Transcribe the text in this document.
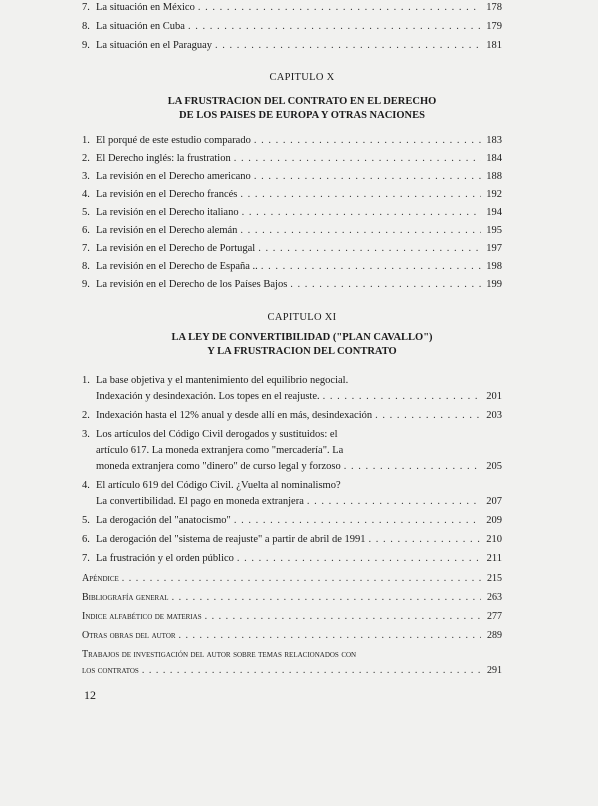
7. La situación en México . . .	178
8. La situación en Cuba . . .	179
9. La situación en el Paraguay . . .	181
CAPITULO X
LA FRUSTRACION DEL CONTRATO EN EL DERECHO
DE LOS PAISES DE EUROPA Y OTRAS NACIONES
1. El porqué de este estudio comparado . . .	183
2. El Derecho inglés: la frustration . . .	184
3. La revisión en el Derecho americano . . .	188
4. La revisión en el Derecho francés . . .	192
5. La revisión en el Derecho italiano . . .	194
6. La revisión en el Derecho alemán . . .	195
7. La revisión en el Derecho de Portugal . . .	197
8. La revisión en el Derecho de España .. . . .	198
9. La revisión en el Derecho de los Países Bajos . . .	199
CAPITULO XI
LA LEY DE CONVERTIBILIDAD ("PLAN CAVALLO")
Y LA FRUSTRACION DEL CONTRATO
1. La base objetiva y el mantenimiento del equilibrio negocial.
Indexación y desindexación. Los topes en el reajuste. . . .	201
2. Indexación hasta el 12% anual y desde allí en más, desindexación . . .	203
3. Los artículos del Código Civil derogados y sustituidos: el
artículo 617. La moneda extranjera como "mercadería". La
moneda extranjera como "dinero" de curso legal y forzoso . . .	205
4. El artículo 619 del Código Civil. ¿Vuelta al nominalismo?
La convertibilidad. El pago en moneda extranjera . . .	207
5. La derogación del "anatocismo" . . .	209
6. La derogación del "sistema de reajuste" a partir de abril de 1991 . . .	210
7. La frustración y el orden público . . .	211
Apéndice . . .	215
Bibliografía general . . .	263
Indice alfabético de materias . . .	277
Otras obras del autor . . .	289
Trabajos de investigación del autor sobre temas relacionados con
los contratos . . .	291
12
